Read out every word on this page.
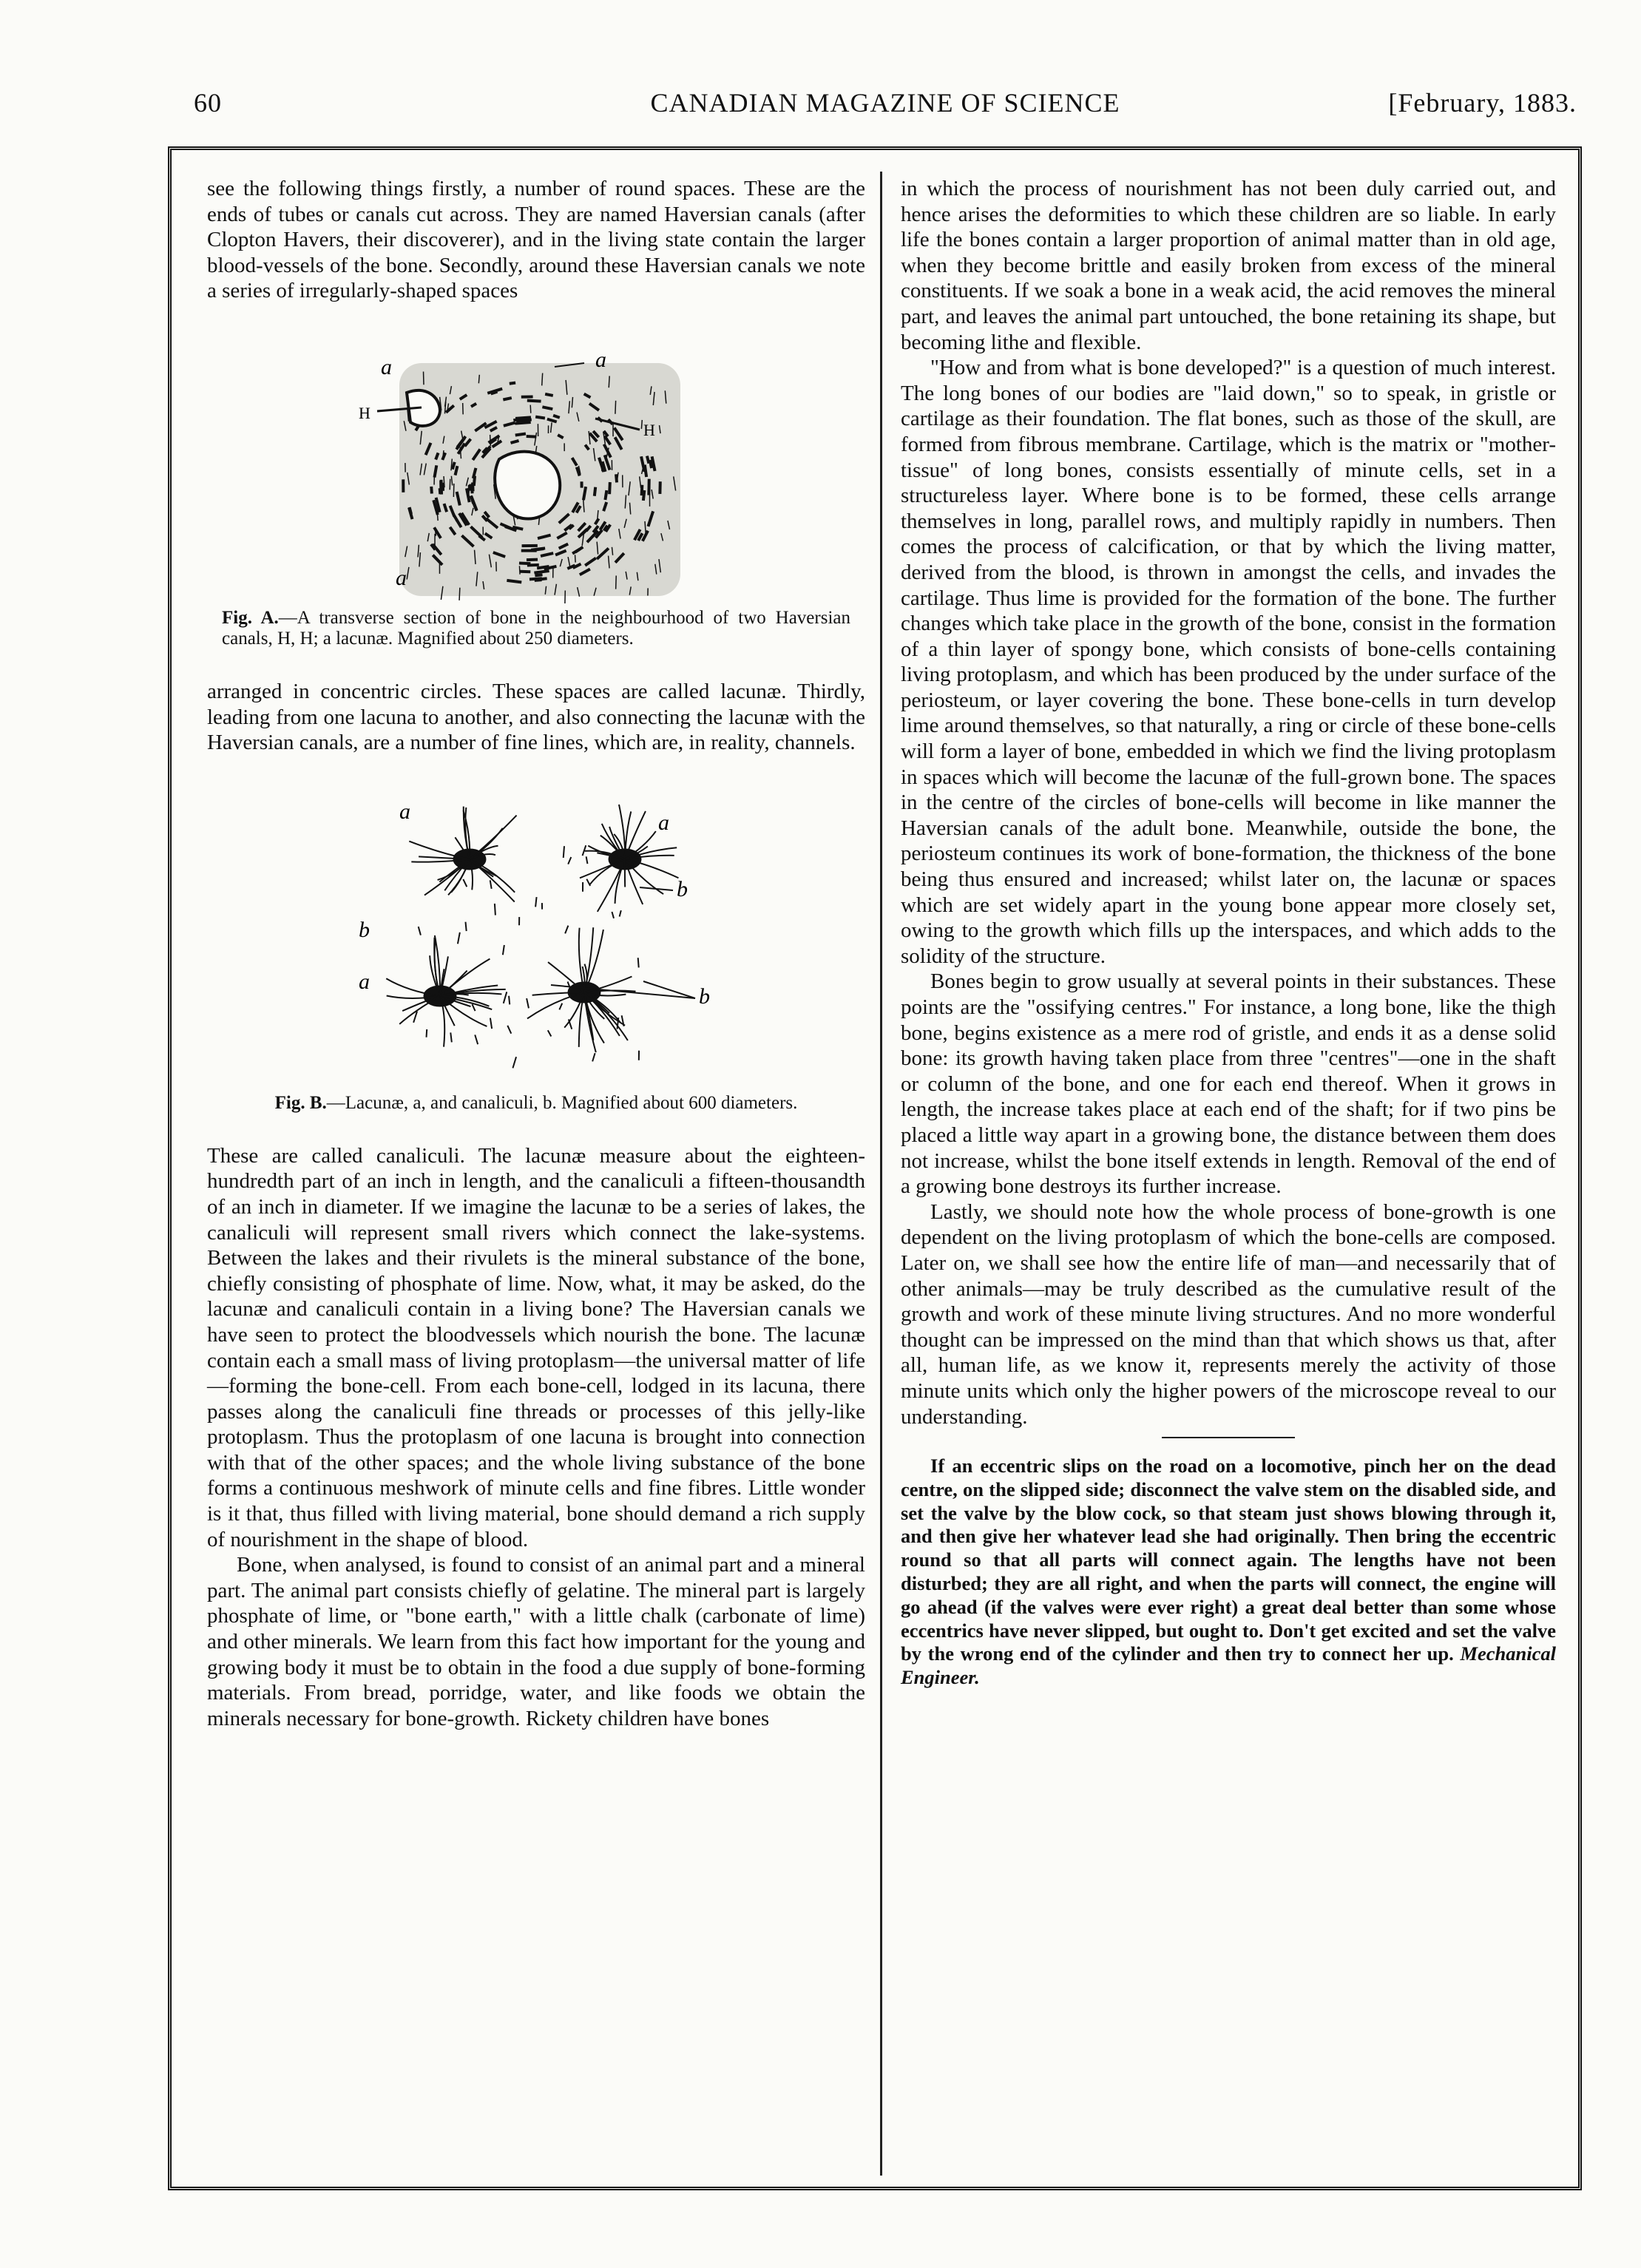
60	CANADIAN MAGAZINE OF SCIENCE	[February, 1883.

see the following things firstly, a number of round spaces. These are the ends of tubes or canals cut across. They are named Haversian canals (after Clopton Havers, their discoverer), and in the living state contain the larger blood-vessels of the bone. Secondly, around these Haversian canals we note a series of irregularly-shaped spaces

a	a
a
H
H
Fig. A.—A transverse section of bone in the neighbourhood of two Haversian canals, H, H; a lacunæ. Magnified about 250 diameters.

arranged in concentric circles. These spaces are called lacunæ. Thirdly, leading from one lacuna to another, and also connecting the lacunæ with the Haversian canals, are a number of fine lines, which are, in reality, channels.

a	a
a
b
b
b
Fig. B.—Lacunæ, a, and canaliculi, b. Magnified about 600 diameters.

These are called canaliculi. The lacunæ measure about the eighteen-hundredth part of an inch in length, and the canaliculi a fifteen-thousandth of an inch in diameter. If we imagine the lacunæ to be a series of lakes, the canaliculi will represent small rivers which connect the lake-systems. Between the lakes and their rivulets is the mineral substance of the bone, chiefly consisting of phosphate of lime. Now, what, it may be asked, do the lacunæ and canaliculi contain in a living bone? The Haversian canals we have seen to protect the bloodvessels which nourish the bone. The lacunæ contain each a small mass of living protoplasm—the universal matter of life—forming the bone-cell. From each bone-cell, lodged in its lacuna, there passes along the canaliculi fine threads or processes of this jelly-like protoplasm. Thus the protoplasm of one lacuna is brought into connection with that of the other spaces; and the whole living substance of the bone forms a continuous meshwork of minute cells and fine fibres. Little wonder is it that, thus filled with living material, bone should demand a rich supply of nourishment in the shape of blood.

Bone, when analysed, is found to consist of an animal part and a mineral part. The animal part consists chiefly of gelatine. The mineral part is largely phosphate of lime, or "bone earth," with a little chalk (carbonate of lime) and other minerals. We learn from this fact how important for the young and growing body it must be to obtain in the food a due supply of bone-forming materials. From bread, porridge, water, and like foods we obtain the minerals necessary for bone-growth. Rickety children have bones

in which the process of nourishment has not been duly carried out, and hence arises the deformities to which these children are so liable. In early life the bones contain a larger proportion of animal matter than in old age, when they become brittle and easily broken from excess of the mineral constituents. If we soak a bone in a weak acid, the acid removes the mineral part, and leaves the animal part untouched, the bone retaining its shape, but becoming lithe and flexible.

"How and from what is bone developed?" is a question of much interest. The long bones of our bodies are "laid down," so to speak, in gristle or cartilage as their foundation. The flat bones, such as those of the skull, are formed from fibrous membrane. Cartilage, which is the matrix or "mother-tissue" of long bones, consists essentially of minute cells, set in a structureless layer. Where bone is to be formed, these cells arrange themselves in long, parallel rows, and multiply rapidly in numbers. Then comes the process of calcification, or that by which the living matter, derived from the blood, is thrown in amongst the cells, and invades the cartilage. Thus lime is provided for the formation of the bone. The further changes which take place in the growth of the bone, consist in the formation of a thin layer of spongy bone, which consists of bone-cells containing living protoplasm, and which has been produced by the under surface of the periosteum, or layer covering the bone. These bone-cells in turn develop lime around themselves, so that naturally, a ring or circle of these bone-cells will form a layer of bone, embedded in which we find the living protoplasm in spaces which will become the lacunæ of the full-grown bone. The spaces in the centre of the circles of bone-cells will become in like manner the Haversian canals of the adult bone. Meanwhile, outside the bone, the periosteum continues its work of bone-formation, the thickness of the bone being thus ensured and increased; whilst later on, the lacunæ or spaces which are set widely apart in the young bone appear more closely set, owing to the growth which fills up the interspaces, and which adds to the solidity of the structure.

Bones begin to grow usually at several points in their substances. These points are the "ossifying centres." For instance, a long bone, like the thigh bone, begins existence as a mere rod of gristle, and ends it as a dense solid bone: its growth having taken place from three "centres"—one in the shaft or column of the bone, and one for each end thereof. When it grows in length, the increase takes place at each end of the shaft; for if two pins be placed a little way apart in a growing bone, the distance between them does not increase, whilst the bone itself extends in length. Removal of the end of a growing bone destroys its further increase.

Lastly, we should note how the whole process of bone-growth is one dependent on the living protoplasm of which the bone-cells are composed. Later on, we shall see how the entire life of man—and necessarily that of other animals—may be truly described as the cumulative result of the growth and work of these minute living structures. And no more wonderful thought can be impressed on the mind than that which shows us that, after all, human life, as we know it, represents merely the activity of those minute units which only the higher powers of the microscope reveal to our understanding.

If an eccentric slips on the road on a locomotive, pinch her on the dead centre, on the slipped side; disconnect the valve stem on the disabled side, and set the valve by the blow cock, so that steam just shows blowing through it, and then give her whatever lead she had originally. Then bring the eccentric round so that all parts will connect again. The lengths have not been disturbed; they are all right, and when the parts will connect, the engine will go ahead (if the valves were ever right) a great deal better than some whose eccentrics have never slipped, but ought to. Don't get excited and set the valve by the wrong end of the cylinder and then try to connect her up. Mechanical Engineer.
